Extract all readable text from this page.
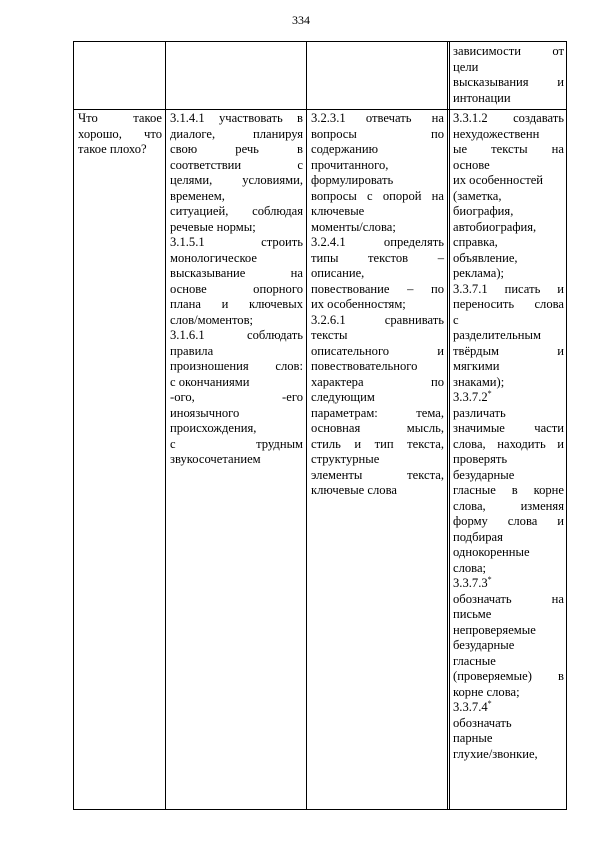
334
зависимости от
цели
высказывания и
интонации
Что такое
хорошо, что
такое плохо?
3.1.4.1 участвовать в
диалоге, планируя
свою речь в
соответствии с
целями, условиями,
временем,
ситуацией, соблюдая
речевые нормы;
3.1.5.1 строить
монологическое
высказывание на
основе опорного
плана и ключевых
слов/моментов;
3.1.6.1 соблюдать
правила
произношения слов:
с окончаниями
-ого, -его
иноязычного
происхождения,
с трудным
звукосочетанием
3.2.3.1 отвечать на
вопросы по
содержанию
прочитанного,
формулировать
вопросы с опорой на
ключевые
моменты/слова;
3.2.4.1 определять
типы текстов –
описание,
повествование – по
их особенностям;
3.2.6.1 сравнивать
тексты
описательного и
повествовательного
характера по
следующим
параметрам: тема,
основная мысль,
стиль и тип текста,
структурные
элементы текста,
ключевые слова
3.3.1.2 создавать
нехудожественн
ые тексты на
основе
их особенностей
(заметка,
биография,
автобиография,
справка,
объявление,
реклама);
3.3.7.1 писать и
переносить слова
с
разделительным
твёрдым и
мягкими
знаками);
3.3.7.2*
различать
значимые части
слова, находить и
проверять
безударные
гласные в корне
слова, изменяя
форму слова и
подбирая
однокоренные
слова;
3.3.7.3*
обозначать на
письме
непроверяемые
безударные
гласные
(проверяемые) в
корне слова;
3.3.7.4*
обозначать
парные
глухие/звонкие,
